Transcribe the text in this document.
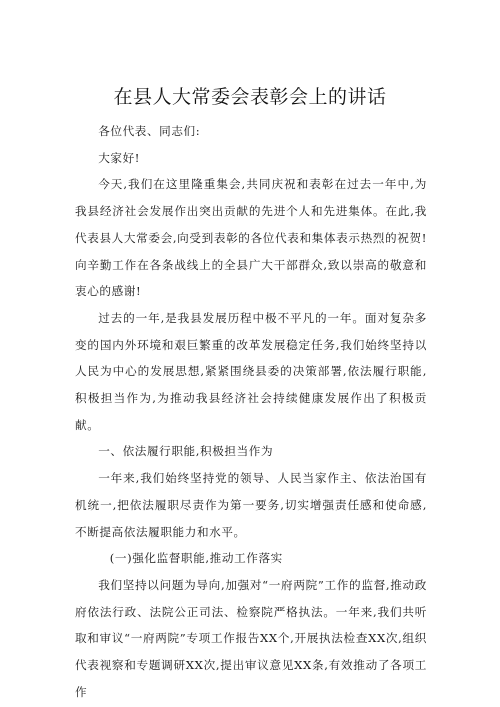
在县人大常委会表彰会上的讲话

各位代表、同志们:

大家好!

今天,我们在这里隆重集会,共同庆祝和表彰在过去一年中,为我县经济社会发展作出突出贡献的先进个人和先进集体。在此,我代表县人大常委会,向受到表彰的各位代表和集体表示热烈的祝贺!向辛勤工作在各条战线上的全县广大干部群众,致以崇高的敬意和衷心的感谢!

过去的一年,是我县发展历程中极不平凡的一年。面对复杂多变的国内外环境和艰巨繁重的改革发展稳定任务,我们始终坚持以人民为中心的发展思想,紧紧围绕县委的决策部署,依法履行职能,积极担当作为,为推动我县经济社会持续健康发展作出了积极贡献。

一、依法履行职能,积极担当作为

一年来,我们始终坚持党的领导、人民当家作主、依法治国有机统一,把依法履职尽责作为第一要务,切实增强责任感和使命感,不断提高依法履职能力和水平。

(一)强化监督职能,推动工作落实

我们坚持以问题为导向,加强对“一府两院”工作的监督,推动政府依法行政、法院公正司法、检察院严格执法。一年来,我们共听取和审议“一府两院”专项工作报告XX个,开展执法检查XX次,组织代表视察和专题调研XX次,提出审议意见XX条,有效推动了各项工作
